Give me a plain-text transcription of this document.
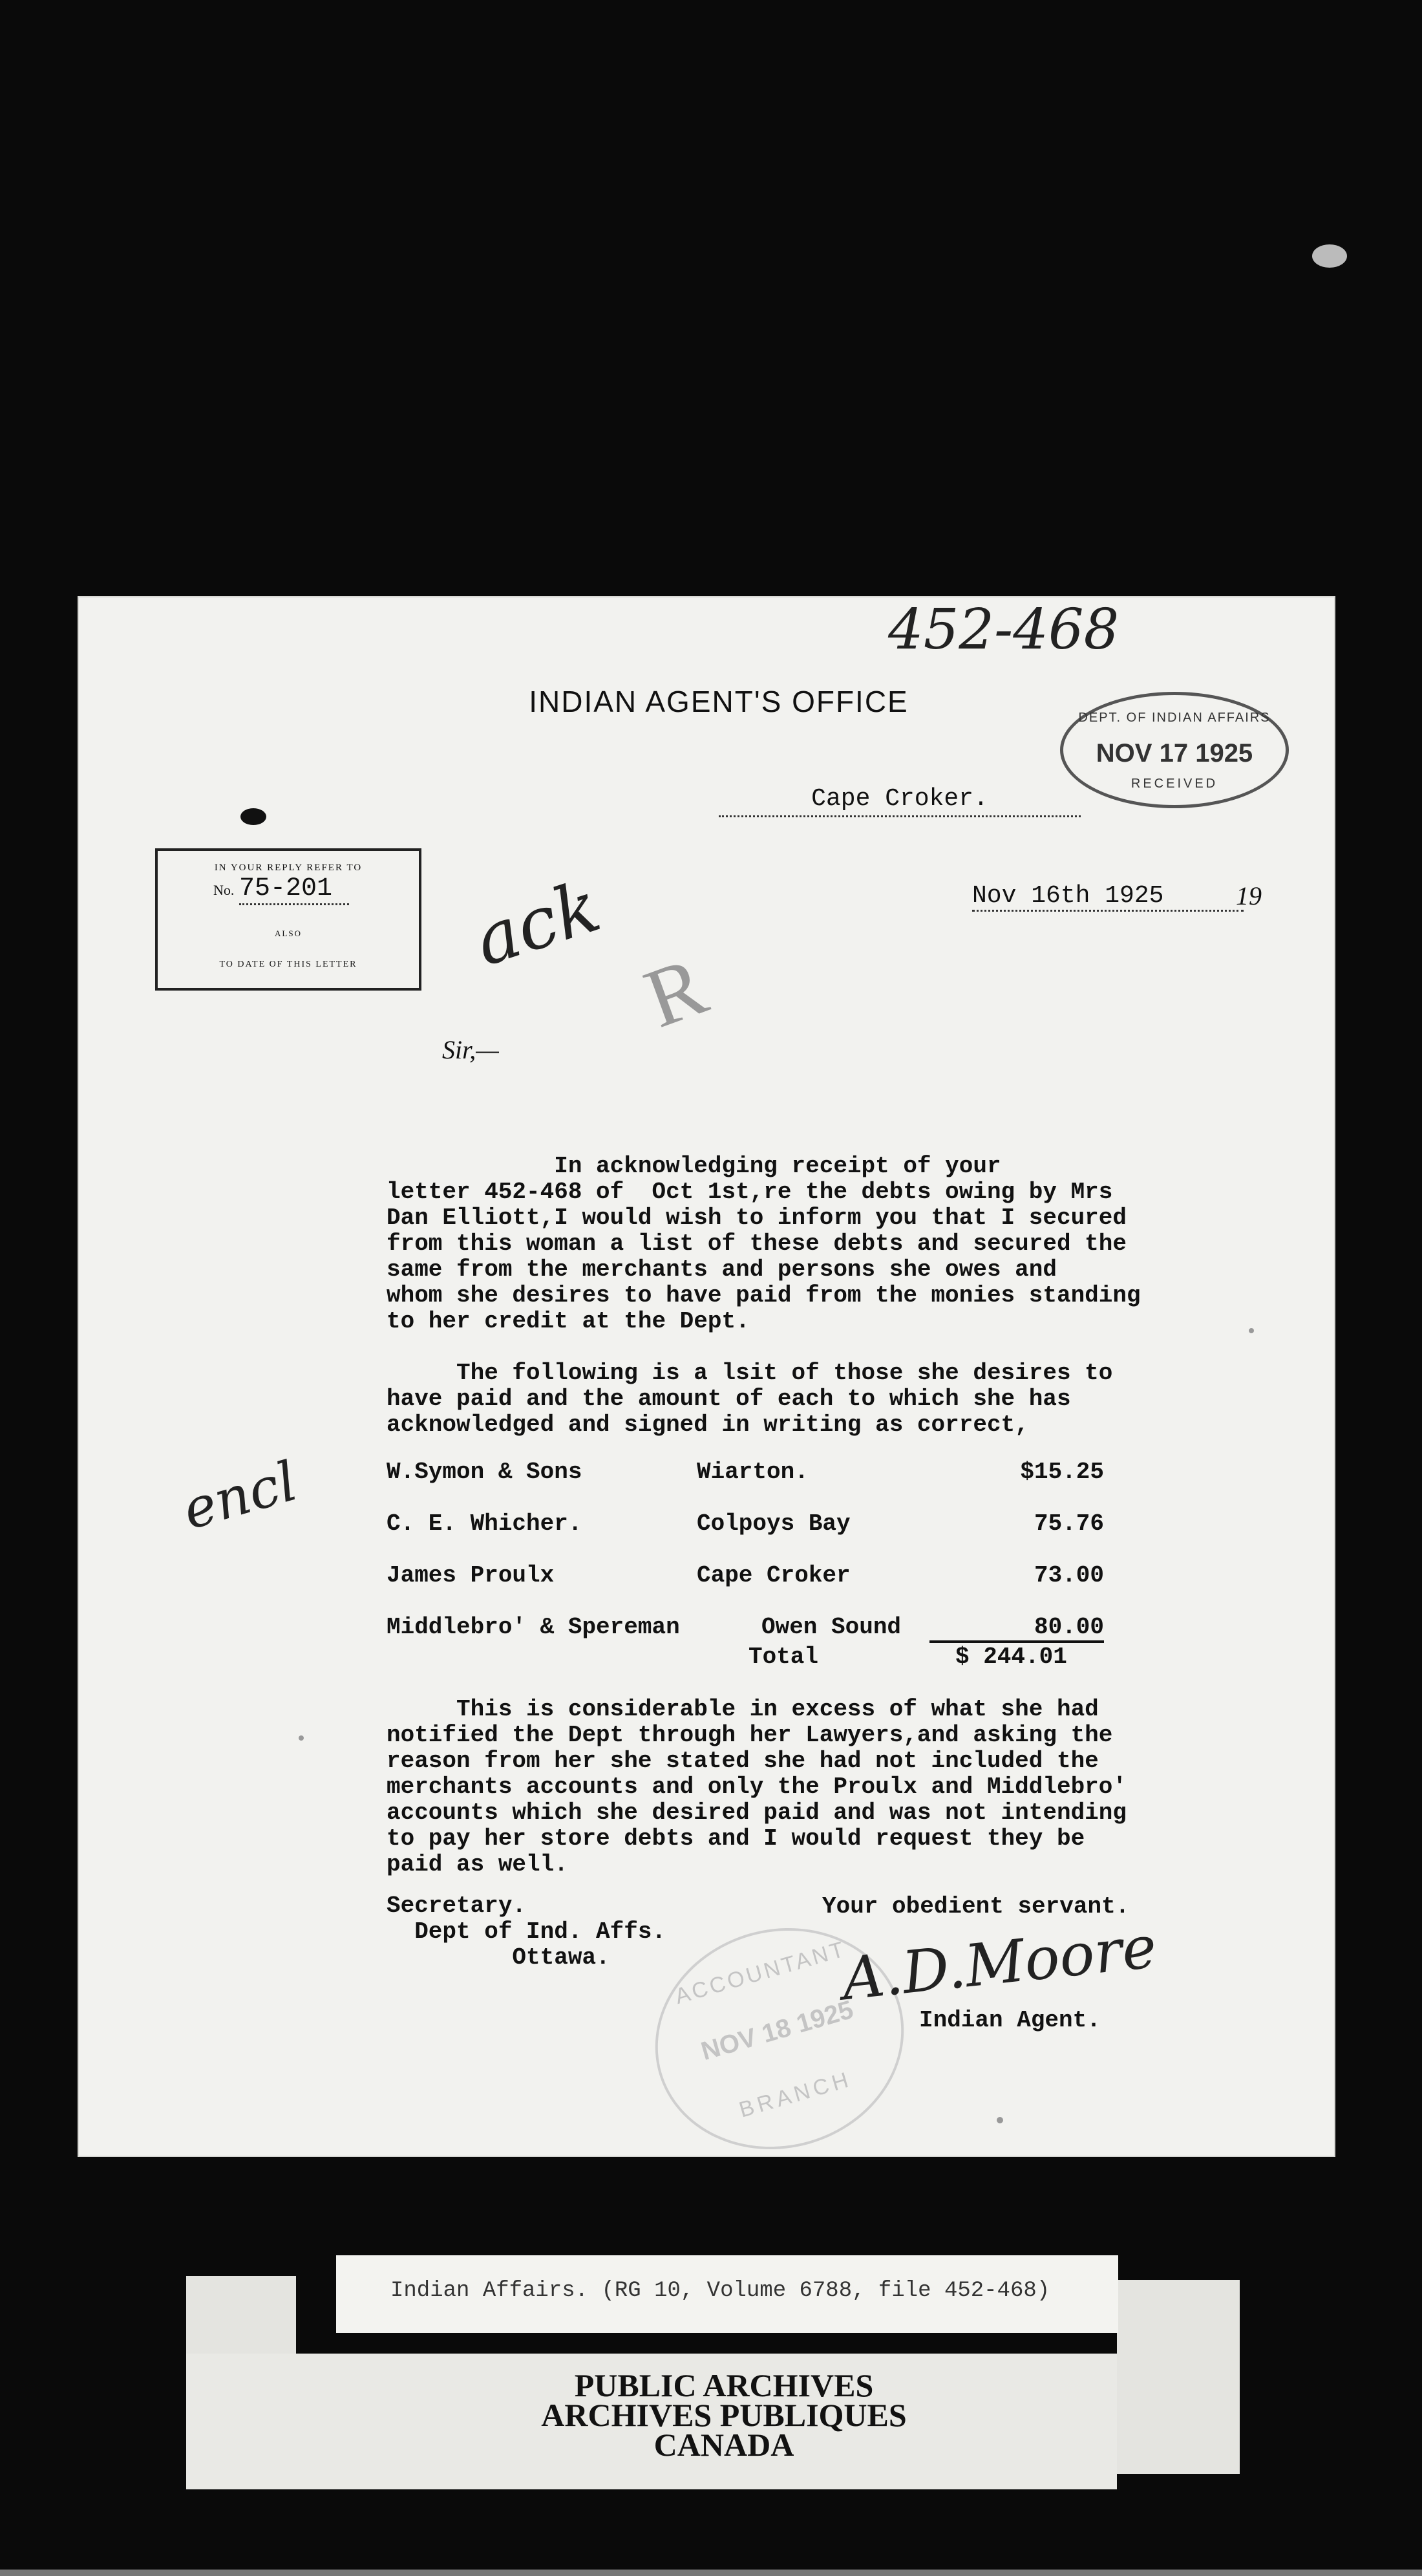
452-468
INDIAN AGENT'S OFFICE
Cape Croker.
DEPT. OF INDIAN AFFAIRS
NOV 17 1925
RECEIVED
IN YOUR REPLY REFER TO
No. 75-201
ALSO
TO DATE OF THIS LETTER
Nov 16th 1925	19
ack
R
Sir,—
In acknowledging receipt of your
letter 452-468 of  Oct 1st,re the debts owing by Mrs
Dan Elliott,I would wish to inform you that I secured
from this woman a list of these debts and secured the
same from the merchants and persons she owes and
whom she desires to have paid from the monies standing
to her credit at the Dept.
The following is a lsit of those she desires to
have paid and the amount of each to which she has
acknowledged and signed in writing as correct,
W.Symon & Sons	Wiarton.	$15.25
C. E. Whicher.	Colpoys Bay	75.76
James Proulx	Cape Croker	73.00
Middlebro' & Spereman	Owen Sound	80.00
Total	$ 244.01
encl
This is considerable in excess of what she had
notified the Dept through her Lawyers,and asking the
reason from her she stated she had not included the
merchants accounts and only the Proulx and Middlebro'
accounts which she desired paid and was not intending
to pay her store debts and I would request they be
paid as well.
Secretary.
Dept of Ind. Affs.
Ottawa.
Your obedient servant.
ACCOUNTANT
NOV 18 1925
BRANCH
A.D.Moore
Indian Agent.
Indian Affairs. (RG 10, Volume 6788, file 452-468)
PUBLIC ARCHIVES
ARCHIVES PUBLIQUES
CANADA
